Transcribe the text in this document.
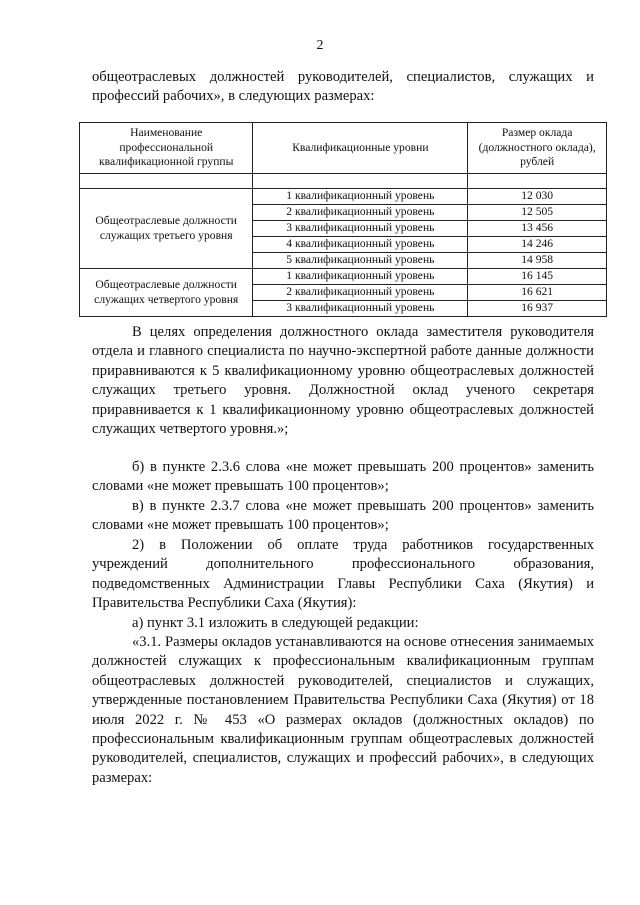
2

общеотраслевых должностей руководителей, специалистов, служащих и профессий рабочих», в следующих размерах:

Наименование профессиональной квалификационной группы	Квалификационные уровни	Размер оклада (должностного оклада), рублей

Общеотраслевые должности служащих третьего уровня	1 квалификационный уровень	12 030
	2 квалификационный уровень	12 505
	3 квалификационный уровень	13 456
	4 квалификационный уровень	14 246
	5 квалификационный уровень	14 958
Общеотраслевые должности служащих четвертого уровня	1 квалификационный уровень	16 145
	2 квалификационный уровень	16 621
	3 квалификационный уровень	16 937

В целях определения должностного оклада заместителя руководителя отдела и главного специалиста по научно-экспертной работе данные должности приравниваются к 5 квалификационному уровню общеотраслевых должностей служащих третьего уровня. Должностной оклад ученого секретаря приравнивается к 1 квалификационному уровню общеотраслевых должностей служащих четвертого уровня.»;

б) в пункте 2.3.6 слова «не может превышать 200 процентов» заменить словами «не может превышать 100 процентов»;

в) в пункте 2.3.7 слова «не может превышать 200 процентов» заменить словами «не может превышать 100 процентов»;

2) в Положении об оплате труда работников государственных учреждений дополнительного профессионального образования, подведомственных Администрации Главы Республики Саха (Якутия) и Правительства Республики Саха (Якутия):

а) пункт 3.1 изложить в следующей редакции:

«3.1. Размеры окладов устанавливаются на основе отнесения занимаемых должностей служащих к профессиональным квалификационным группам общеотраслевых должностей руководителей, специалистов и служащих, утвержденные постановлением Правительства Республики Саха (Якутия) от 18 июля 2022 г. № 453 «О размерах окладов (должностных окладов) по профессиональным квалификационным группам общеотраслевых должностей руководителей, специалистов, служащих и профессий рабочих», в следующих размерах:
